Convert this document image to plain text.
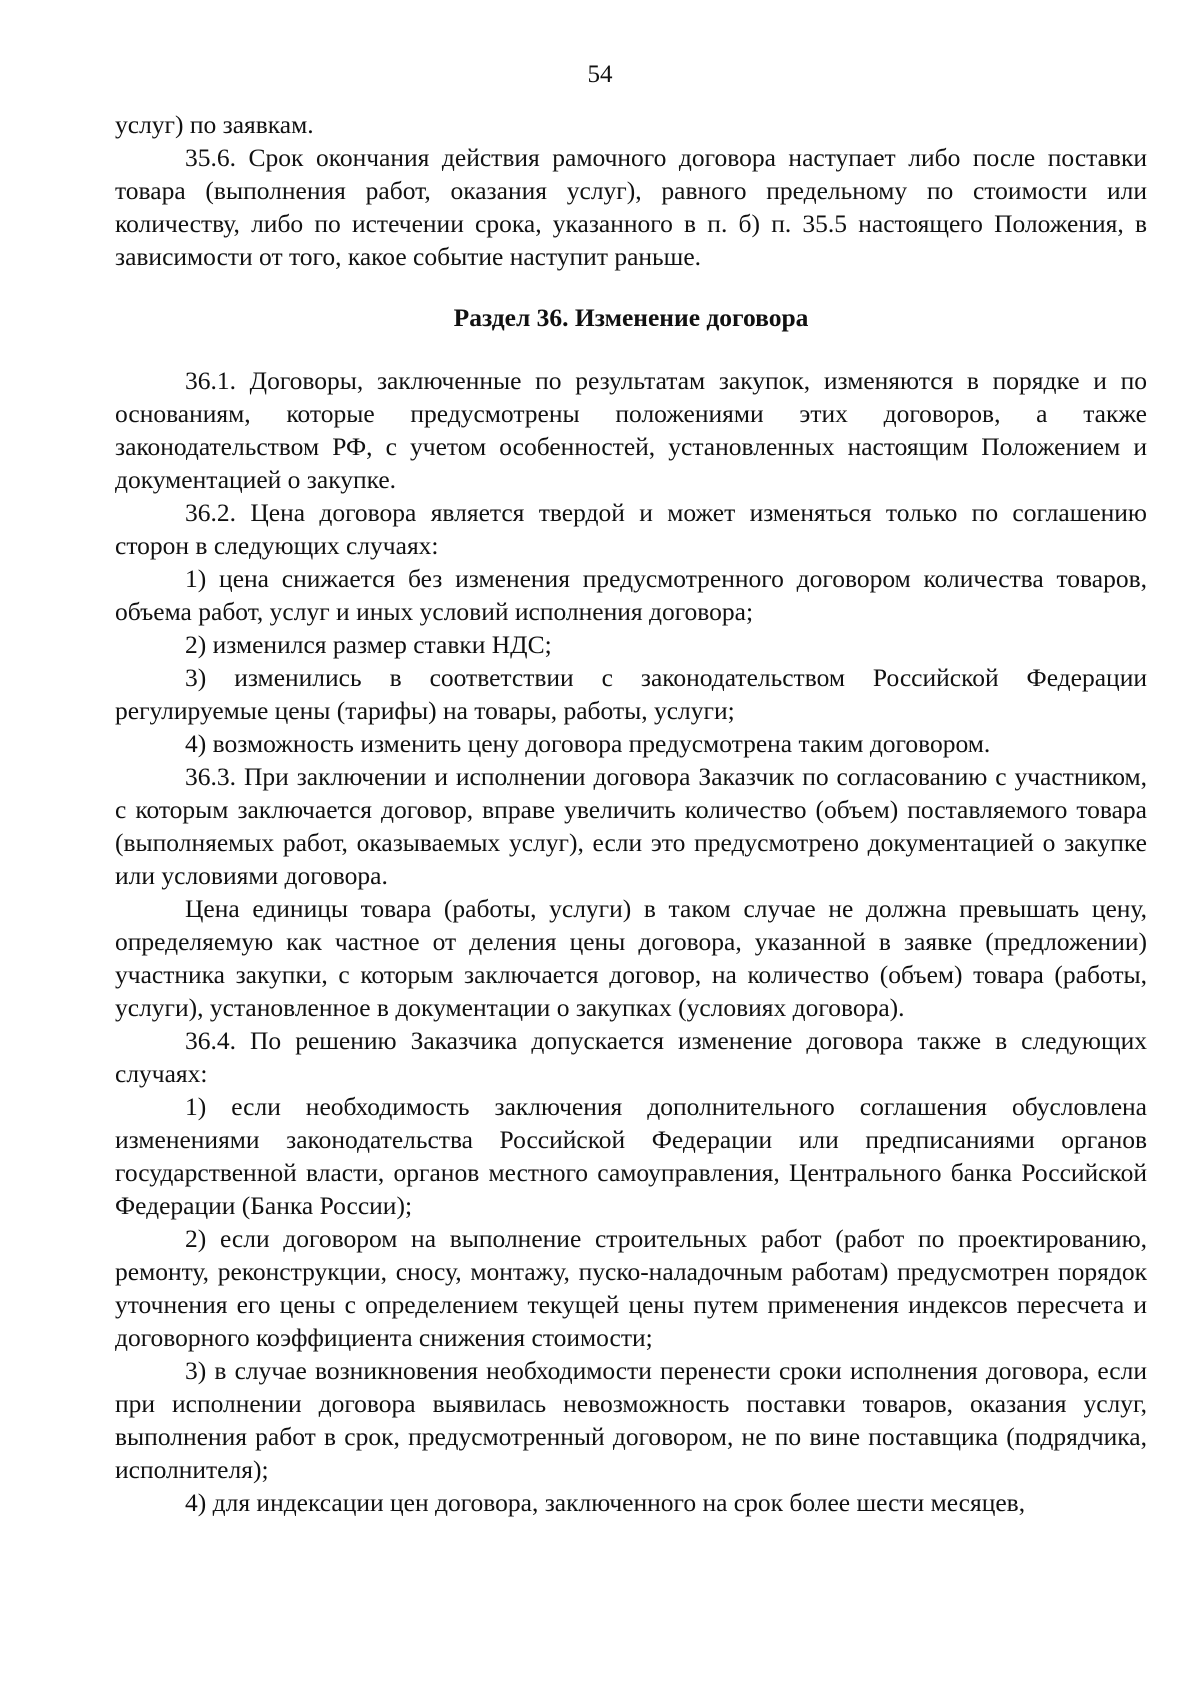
54

услуг) по заявкам.

35.6. Срок окончания действия рамочного договора наступает либо после поставки товара (выполнения работ, оказания услуг), равного предельному по стоимости или количеству, либо по истечении срока, указанного в п. б) п. 35.5 настоящего Положения, в зависимости от того, какое событие наступит раньше.

Раздел 36. Изменение договора

36.1. Договоры, заключенные по результатам закупок, изменяются в порядке и по основаниям, которые предусмотрены положениями этих договоров, а также законодательством РФ, с учетом особенностей, установленных настоящим Положением и документацией о закупке.

36.2. Цена договора является твердой и может изменяться только по соглашению сторон в следующих случаях:

1) цена снижается без изменения предусмотренного договором количества товаров, объема работ, услуг и иных условий исполнения договора;

2) изменился размер ставки НДС;

3) изменились в соответствии с законодательством Российской Федерации регулируемые цены (тарифы) на товары, работы, услуги;

4) возможность изменить цену договора предусмотрена таким договором.

36.3. При заключении и исполнении договора Заказчик по согласованию с участником, с которым заключается договор, вправе увеличить количество (объем) поставляемого товара (выполняемых работ, оказываемых услуг), если это предусмотрено документацией о закупке или условиями договора.

Цена единицы товара (работы, услуги) в таком случае не должна превышать цену, определяемую как частное от деления цены договора, указанной в заявке (предложении) участника закупки, с которым заключается договор, на количество (объем) товара (работы, услуги), установленное в документации о закупках (условиях договора).

36.4. По решению Заказчика допускается изменение договора также в следующих случаях:

1) если необходимость заключения дополнительного соглашения обусловлена изменениями законодательства Российской Федерации или предписаниями органов государственной власти, органов местного самоуправления, Центрального банка Российской Федерации (Банка России);

2) если договором на выполнение строительных работ (работ по проектированию, ремонту, реконструкции, сносу, монтажу, пуско-наладочным работам) предусмотрен порядок уточнения его цены с определением текущей цены путем применения индексов пересчета и договорного коэффициента снижения стоимости;

3) в случае возникновения необходимости перенести сроки исполнения договора, если при исполнении договора выявилась невозможность поставки товаров, оказания услуг, выполнения работ в срок, предусмотренный договором, не по вине поставщика (подрядчика, исполнителя);

4) для индексации цен договора, заключенного на срок более шести месяцев,
